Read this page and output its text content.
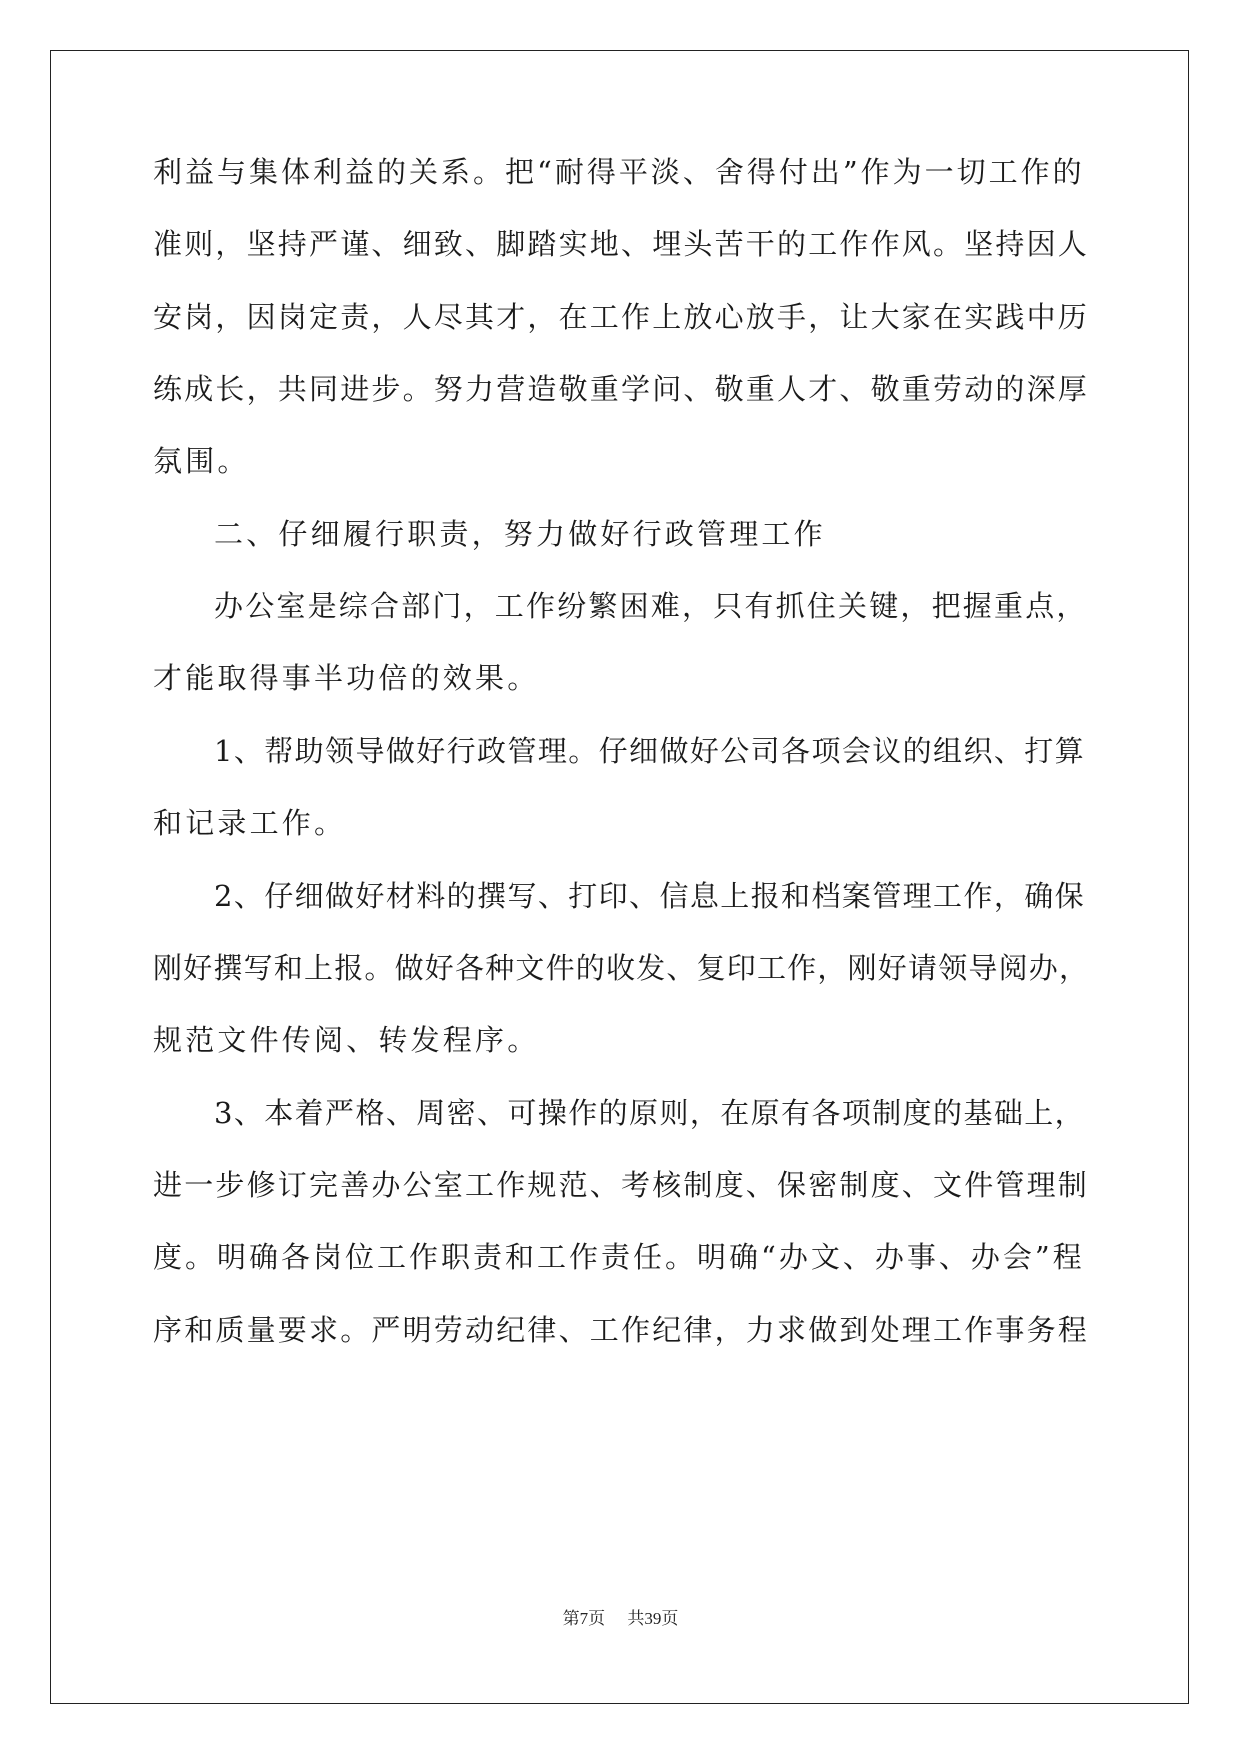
利益与集体利益的关系。把“耐得平淡、舍得付出”作为一切工作的
准则，坚持严谨、细致、脚踏实地、埋头苦干的工作作风。坚持因人
安岗，因岗定责，人尽其才，在工作上放心放手，让大家在实践中历
练成长，共同进步。努力营造敬重学问、敬重人才、敬重劳动的深厚
氛围。
二、仔细履行职责，努力做好行政管理工作
办公室是综合部门，工作纷繁困难，只有抓住关键，把握重点，
才能取得事半功倍的效果。
1、帮助领导做好行政管理。仔细做好公司各项会议的组织、打算
和记录工作。
2、仔细做好材料的撰写、打印、信息上报和档案管理工作，确保
刚好撰写和上报。做好各种文件的收发、复印工作，刚好请领导阅办，
规范文件传阅、转发程序。
3、本着严格、周密、可操作的原则，在原有各项制度的基础上，
进一步修订完善办公室工作规范、考核制度、保密制度、文件管理制
度。明确各岗位工作职责和工作责任。明确“办文、办事、办会”程
序和质量要求。严明劳动纪律、工作纪律，力求做到处理工作事务程
第7页 共39页
